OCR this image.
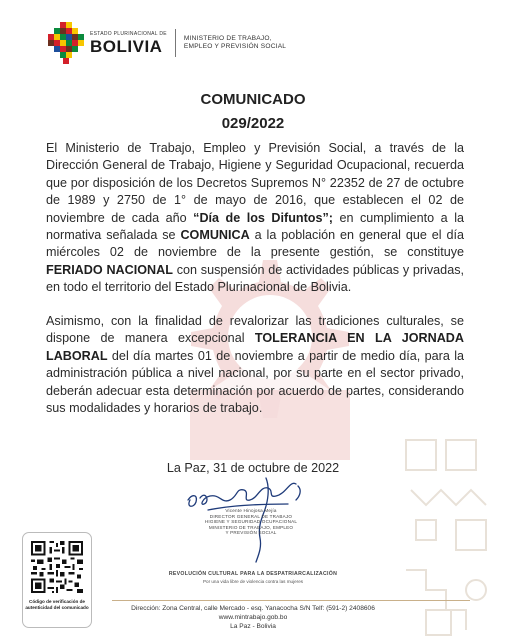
ESTADO PLURINACIONAL DE
BOLIVIA	MINISTERIO DE TRABAJO,
EMPLEO Y PREVISIÓN SOCIAL
COMUNICADO
029/2022

El Ministerio de Trabajo, Empleo y Previsión Social, a través de la Dirección General de Trabajo, Higiene y Seguridad Ocupacional, recuerda que por disposición de los Decretos Supremos N° 22352 de 27 de octubre de 1989 y 2750 de 1° de mayo de 2016, que establecen el 02 de noviembre de cada año “Día de los Difuntos”; en cumplimiento a la normativa señalada se COMUNICA a la población en general que el día miércoles 02 de noviembre de la presente gestión, se constituye FERIADO NACIONAL con suspensión de actividades públicas y privadas, en todo el territorio del Estado Plurinacional de Bolivia.

Asimismo, con la finalidad de revalorizar las tradiciones culturales, se dispone de manera excepcional TOLERANCIA EN LA JORNADA LABORAL del día martes 01 de noviembre a partir de medio día, para la administración pública a nivel nacional, por su parte en el sector privado, deberán adecuar esta determinación por acuerdo de partes, considerando sus modalidades y horarios de trabajo.

La Paz, 31 de octubre de 2022
Vicente Hinojosa Mejía
DIRECTOR GENERAL DE TRABAJO
HIGIENE Y SEGURIDAD OCUPACIONAL
MINISTERIO DE TRABAJO, EMPLEO
Y PREVISIÓN SOCIAL
Código de verificación de
autenticidad del comunicado
REVOLUCIÓN CULTURAL PARA LA DESPATRIARCALIZACIÓN
Por una vida libre de violencia contra las mujeres
Dirección: Zona Central, calle Mercado - esq. Yanacocha S/N Telf: (591-2) 2408606
www.mintrabajo.gob.bo
La Paz - Bolivia
